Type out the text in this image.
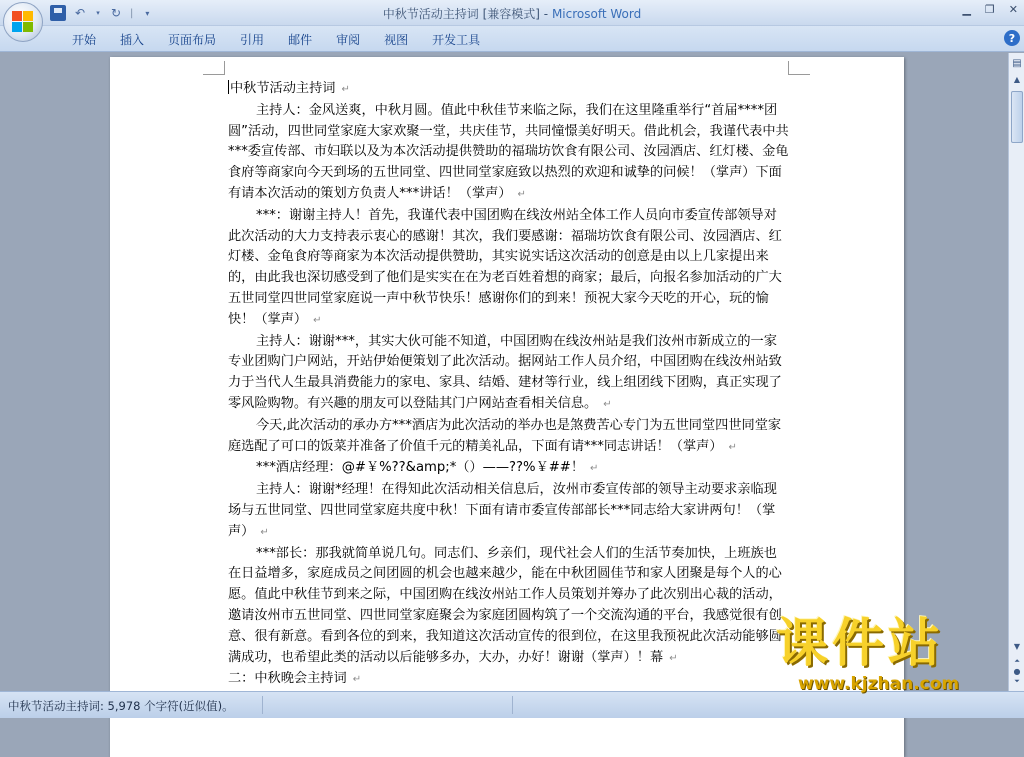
↶	▾ ↻ |	▾	中秋节活动主持词 [兼容模式] - Microsoft Word	▁ ❐ ✕
开始	插入	页面布局	引用	邮件	审阅	视图	开发工具	?

中秋节活动主持词 ↵

主持人：金风送爽，中秋月圆。值此中秋佳节来临之际，我们在这里隆重举行“首届****团圆”活动，四世同堂家庭大家欢聚一堂，共庆佳节，共同憧憬美好明天。借此机会，我谨代表中共***委宣传部、市妇联以及为本次活动提供赞助的福瑞坊饮食有限公司、汝园酒店、红灯楼、金龟食府等商家向今天到场的五世同堂、四世同堂家庭致以热烈的欢迎和诚挚的问候！（掌声）下面有请本次活动的策划方负责人***讲话！（掌声） ↵

***：谢谢主持人！首先，我谨代表中国团购在线汝州站全体工作人员向市委宣传部领导对此次活动的大力支持表示衷心的感谢！其次，我们要感谢：福瑞坊饮食有限公司、汝园酒店、红灯楼、金龟食府等商家为本次活动提供赞助，其实说实话这次活动的创意是由以上几家提出来的，由此我也深切感受到了他们是实实在在为老百姓着想的商家；最后，向报名参加活动的广大五世同堂四世同堂家庭说一声中秋节快乐！感谢你们的到来！预祝大家今天吃的开心，玩的愉快！（掌声） ↵

主持人：谢谢***，其实大伙可能不知道，中国团购在线汝州站是我们汝州市新成立的一家专业团购门户网站，开站伊始便策划了此次活动。据网站工作人员介绍，中国团购在线汝州站致力于当代人生最具消费能力的家电、家具、结婚、建材等行业，线上组团线下团购，真正实现了零风险购物。有兴趣的朋友可以登陆其门户网站查看相关信息。 ↵

今天,此次活动的承办方***酒店为此次活动的举办也是煞费苦心专门为五世同堂四世同堂家庭选配了可口的饭菜并准备了价值千元的精美礼品，下面有请***同志讲话！（掌声） ↵

***酒店经理：@#￥%??&amp;*（）——??%￥##！ ↵

主持人：谢谢*经理！在得知此次活动相关信息后，汝州市委宣传部的领导主动要求亲临现场与五世同堂、四世同堂家庭共度中秋！下面有请市委宣传部部长***同志给大家讲两句！（掌声） ↵

***部长：那我就简单说几句。同志们、乡亲们，现代社会人们的生活节奏加快，上班族也在日益增多，家庭成员之间团圆的机会也越来越少，能在中秋团圆佳节和家人团聚是每个人的心愿。值此中秋佳节到来之际，中国团购在线汝州站工作人员策划并筹办了此次别出心裁的活动，邀请汝州市五世同堂、四世同堂家庭聚会为家庭团圆构筑了一个交流沟通的平台，我感觉很有创意、很有新意。看到各位的到来，我知道这次活动宣传的很到位，在这里我预祝此次活动能够圆满成功，也希望此类的活动以后能够多办，大办，办好！谢谢（掌声）！幕 ↵

二：中秋晚会主持词 ↵

▤
▲
▼
⏶
●
⏷
中秋节活动主持词: 5,978 个字符(近似值)。
课件站
www.kjzhan.com
